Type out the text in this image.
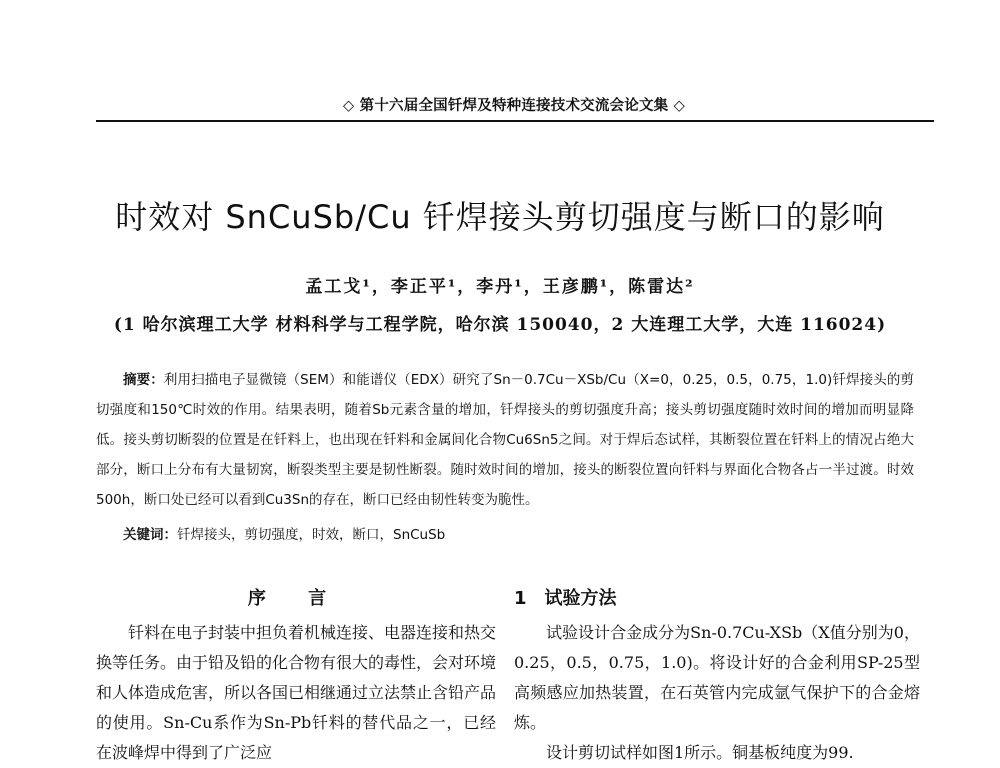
◇ 第十六届全国钎焊及特种连接技术交流会论文集 ◇
时效对 SnCuSb/Cu 钎焊接头剪切强度与断口的影响
孟工戈¹，李正平¹，李丹¹，王彦鹏¹，陈雷达²
(1 哈尔滨理工大学 材料科学与工程学院，哈尔滨 150040，2 大连理工大学，大连 116024)
摘要：利用扫描电子显微镜（SEM）和能谱仪（EDX）研究了Sn－0.7Cu－XSb/Cu（X=0，0.25，0.5，0.75，1.0)钎焊接头的剪切强度和150℃时效的作用。结果表明，随着Sb元素含量的增加，钎焊接头的剪切强度升高；接头剪切强度随时效时间的增加而明显降低。接头剪切断裂的位置是在钎料上，也出现在钎料和金属间化合物Cu6Sn5之间。对于焊后态试样，其断裂位置在钎料上的情况占绝大部分，断口上分布有大量韧窝，断裂类型主要是韧性断裂。随时效时间的增加，接头的断裂位置向钎料与界面化合物各占一半过渡。时效500h，断口处已经可以看到Cu3Sn的存在，断口已经由韧性转变为脆性。
关键词：钎焊接头，剪切强度，时效，断口，SnCuSb
序 言	1　试验方法

钎料在电子封装中担负着机械连接、电器连接和热交换等任务。由于铅及铅的化合物有很大的毒性，会对环境和人体造成危害，所以各国已相继通过立法禁止含铅产品的使用。Sn-Cu系作为Sn-Pb钎料的替代品之一，已经在波峰焊中得到了广泛应

试验设计合金成分为Sn-0.7Cu-XSb（X值分别为0，0.25，0.5，0.75，1.0)。将设计好的合金利用SP-25型高频感应加热装置，在石英管内完成氩气保护下的合金熔炼。

设计剪切试样如图1所示。铜基板纯度为99.
